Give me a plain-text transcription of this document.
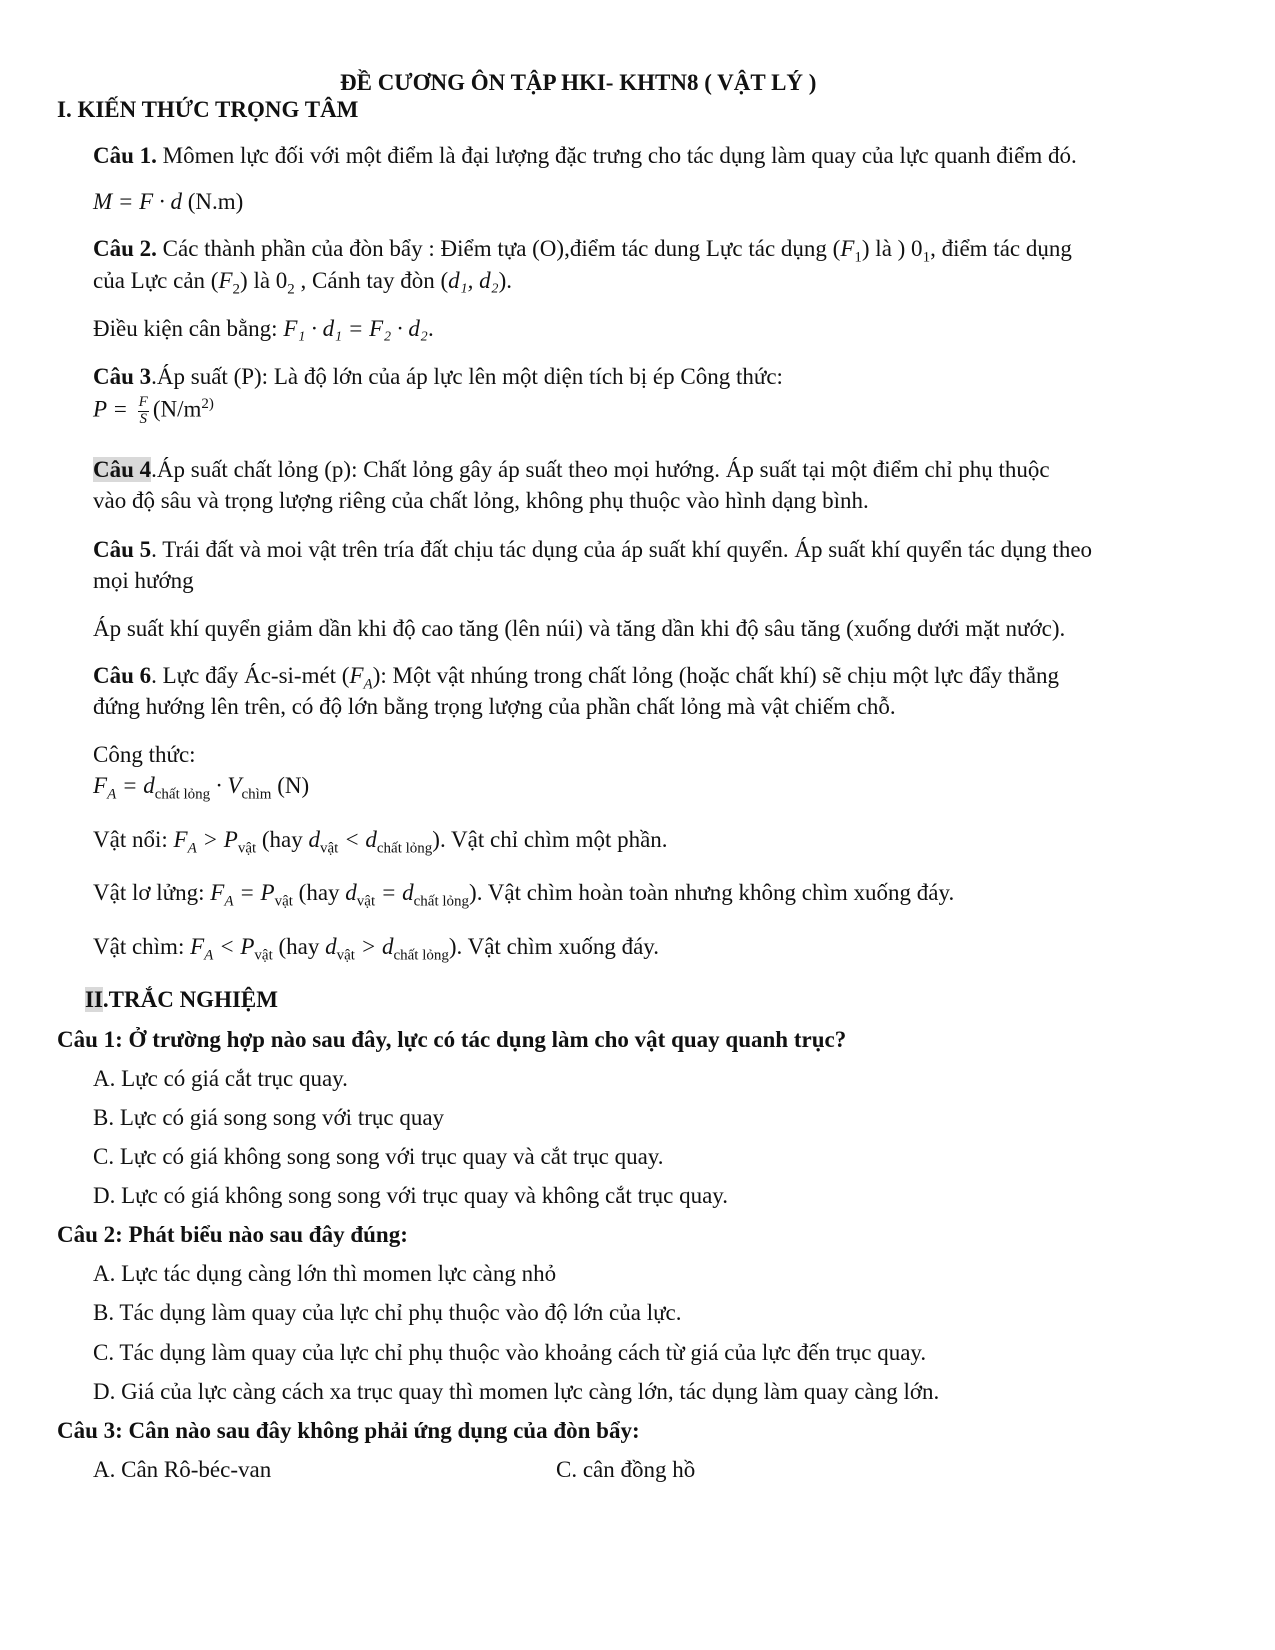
ĐỀ CƯƠNG ÔN TẬP HKI- KHTN8 ( VẬT LÝ )
I. KIẾN THỨC TRỌNG TÂM
Câu 1. Mômen lực đối với một điểm là đại lượng đặc trưng cho tác dụng làm quay của lực quanh điểm đó.
M = F · d (N.m)
Câu 2. Các thành phần của đòn bẩy : Điểm tựa (O),điểm tác dung Lực tác dụng $(F_1)$ là ) $0_1$, điểm tác dụng
của Lực cản $(F_2)$ là $0_2$ , Cánh tay đòn (d₁, d₂).
Điều kiện cân bằng: F₁ · d₁ = F₂ · d₂.
Câu 3.Áp suất (P): Là độ lớn của áp lực lên một diện tích bị ép Công thức:
$P = \frac{F}{S} (N/m^{2)}$
Câu 4.Áp suất chất lỏng (p): Chất lỏng gây áp suất theo mọi hướng. Áp suất tại một điểm chỉ phụ thuộc
vào độ sâu và trọng lượng riêng của chất lỏng, không phụ thuộc vào hình dạng bình.
Câu 5. Trái đất và moi vật trên tría đất chịu tác dụng của áp suất khí quyển. Áp suất khí quyển tác dụng theo
mọi hướng
Áp suất khí quyển giảm dần khi độ cao tăng (lên núi) và tăng dần khi độ sâu tăng (xuống dưới mặt nước).
Câu 6. Lực đẩy Ác-si-mét $(F_A)$: Một vật nhúng trong chất lỏng (hoặc chất khí) sẽ chịu một lực đẩy thẳng
đứng hướng lên trên, có độ lớn bằng trọng lượng của phần chất lỏng mà vật chiếm chỗ.
Công thức:
$F_A = d_{chất lỏng} \cdot V_{chìm}$ (N)
Vật nổi: $F_A > P_{vật}$ (hay $d_{vật} < d_{chất lỏng}$). Vật chỉ chìm một phần.
Vật lơ lửng: $F_A = P_{vật}$ (hay $d_{vật} = d_{chất lỏng}$). Vật chìm hoàn toàn nhưng không chìm xuống đáy.
Vật chìm: $F_A < P_{vật}$ (hay $d_{vật} > d_{chất lỏng}$). Vật chìm xuống đáy.
II.TRẮC NGHIỆM
Câu 1: Ở trường hợp nào sau đây, lực có tác dụng làm cho vật quay quanh trục?
A. Lực có giá cắt trục quay.
B. Lực có giá song song với trục quay
C. Lực có giá không song song với trục quay và cắt trục quay.
D. Lực có giá không song song với trục quay và không cắt trục quay.
Câu 2: Phát biểu nào sau đây đúng:
A. Lực tác dụng càng lớn thì momen lực càng nhỏ
B. Tác dụng làm quay của lực chỉ phụ thuộc vào độ lớn của lực.
C. Tác dụng làm quay của lực chỉ phụ thuộc vào khoảng cách từ giá của lực đến trục quay.
D. Giá của lực càng cách xa trục quay thì momen lực càng lớn, tác dụng làm quay càng lớn.
Câu 3: Cân nào sau đây không phải ứng dụng của đòn bẩy:
A. Cân Rô-béc-van	C. cân đồng hồ
